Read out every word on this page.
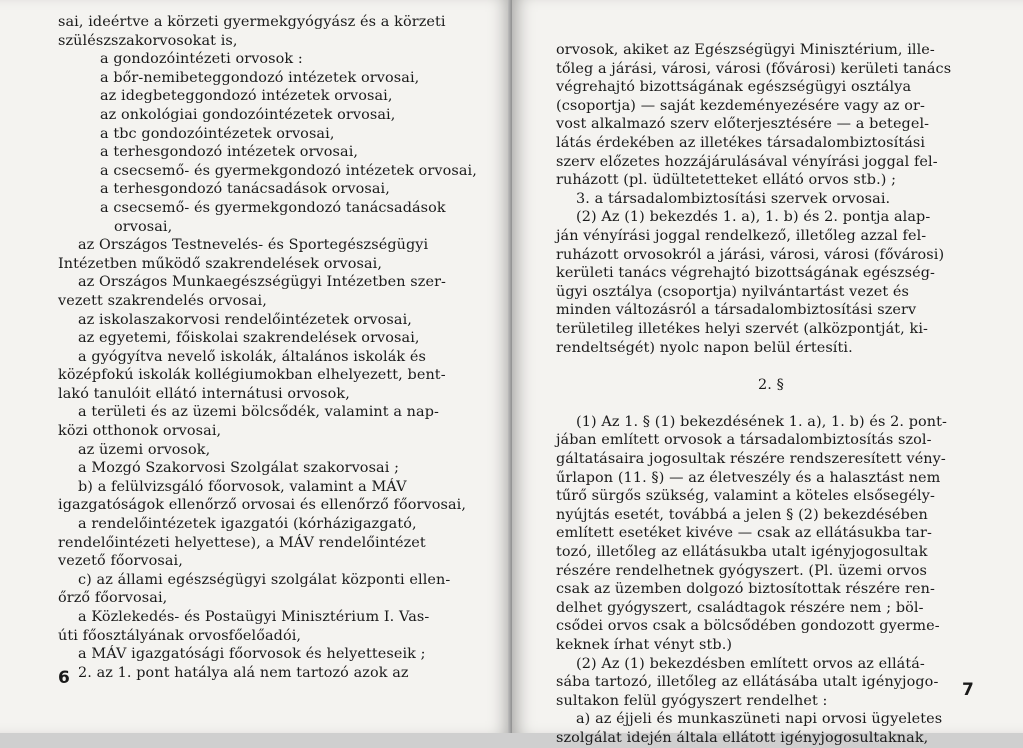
sai, ideértve a körzeti gyermekgyógyász és a körzeti
szülészszakorvosokat is,
a gondozóintézeti orvosok :
a bőr-nemibeteggondozó intézetek orvosai,
az idegbeteggondozó intézetek orvosai,
az onkológiai gondozóintézetek orvosai,
a tbc gondozóintézetek orvosai,
a terhesgondozó intézetek orvosai,
a csecsemő- és gyermekgondozó intézetek orvosai,
a terhesgondozó tanácsadások orvosai,
a csecsemő- és gyermekgondozó tanácsadások
orvosai,
az Országos Testnevelés- és Sportegészségügyi
Intézetben működő szakrendelések orvosai,
az Országos Munkaegészségügyi Intézetben szer-
vezett szakrendelés orvosai,
az iskolaszakorvosi rendelőintézetek orvosai,
az egyetemi, főiskolai szakrendelések orvosai,
a gyógyítva nevelő iskolák, általános iskolák és
középfokú iskolák kollégiumokban elhelyezett, bent-
lakó tanulóit ellátó internátusi orvosok,
a területi és az üzemi bölcsődék, valamint a nap-
közi otthonok orvosai,
az üzemi orvosok,
a Mozgó Szakorvosi Szolgálat szakorvosai ;
b) a felülvizsgáló főorvosok, valamint a MÁV
igazgatóságok ellenőrző orvosai és ellenőrző főorvosai,
a rendelőintézetek igazgatói (kórházigazgató,
rendelőintézeti helyettese), a MÁV rendelőintézet
vezető főorvosai,
c) az állami egészségügyi szolgálat központi ellen-
őrző főorvosai,
a Közlekedés- és Postaügyi Minisztérium I. Vas-
úti főosztályának orvosfőelőadói,
a MÁV igazgatósági főorvosok és helyetteseik ;
2. az 1. pont hatálya alá nem tartozó azok az
6
orvosok, akiket az Egészségügyi Minisztérium, ille-
tőleg a járási, városi, városi (fővárosi) kerületi tanács
végrehajtó bizottságának egészségügyi osztálya
(csoportja) — saját kezdeményezésére vagy az or-
vost alkalmazó szerv előterjesztésére — a betegel-
látás érdekében az illetékes társadalombiztosítási
szerv előzetes hozzájárulásával vényírási joggal fel-
ruházott (pl. üdültetetteket ellátó orvos stb.) ;
3. a társadalombiztosítási szervek orvosai.
(2) Az (1) bekezdés 1. a), 1. b) és 2. pontja alap-
ján vényírási joggal rendelkező, illetőleg azzal fel-
ruházott orvosokról a járási, városi, városi (fővárosi)
kerületi tanács végrehajtó bizottságának egészség-
ügyi osztálya (csoportja) nyilvántartást vezet és
minden változásról a társadalombiztosítási szerv
területileg illetékes helyi szervét (alközpontját, ki-
rendeltségét) nyolc napon belül értesíti.
2. §
(1) Az 1. § (1) bekezdésének 1. a), 1. b) és 2. pont-
jában említett orvosok a társadalombiztosítás szol-
gáltatásaira jogosultak részére rendszeresített vény-
űrlapon (11. §) — az életveszély és a halasztást nem
tűrő sürgős szükség, valamint a köteles elsősegély-
nyújtás esetét, továbbá a jelen § (2) bekezdésében
említett esetéket kivéve — csak az ellátásukba tar-
tozó, illetőleg az ellátásukba utalt igényjogosultak
részére rendelhetnek gyógyszert. (Pl. üzemi orvos
csak az üzemben dolgozó biztosítottak részére ren-
delhet gyógyszert, családtagok részére nem ; böl-
csődei orvos csak a bölcsődében gondozott gyerme-
keknek írhat vényt stb.)
(2) Az (1) bekezdésben említett orvos az ellátá-
sába tartozó, illetőleg az ellátásába utalt igényjogo-
sultakon felül gyógyszert rendelhet :
a) az éjjeli és munkaszüneti napi orvosi ügyeletes
szolgálat idején általa ellátott igényjogosultaknak,
7
